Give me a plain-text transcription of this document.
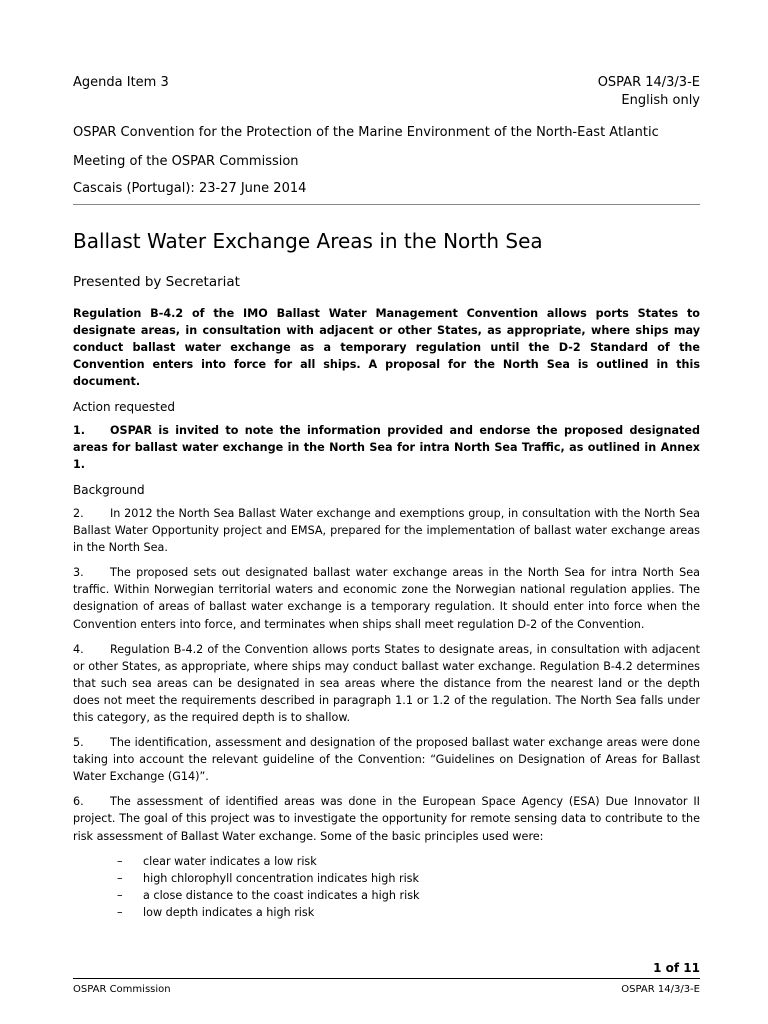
Agenda Item 3	OSPAR 14/3/3-E
English only
OSPAR Convention for the Protection of the Marine Environment of the North-East Atlantic
Meeting of the OSPAR Commission
Cascais (Portugal): 23-27 June 2014
Ballast Water Exchange Areas in the North Sea
Presented by Secretariat

Regulation B-4.2 of the IMO Ballast Water Management Convention allows ports States to designate areas, in consultation with adjacent or other States, as appropriate, where ships may conduct ballast water exchange as a temporary regulation until the D-2 Standard of the Convention enters into force for all ships. A proposal for the North Sea is outlined in this document.

Action requested

1. OSPAR is invited to note the information provided and endorse the proposed designated areas for ballast water exchange in the North Sea for intra North Sea Traffic, as outlined in Annex 1.

Background

2. In 2012 the North Sea Ballast Water exchange and exemptions group, in consultation with the North Sea Ballast Water Opportunity project and EMSA, prepared for the implementation of ballast water exchange areas in the North Sea.

3. The proposed sets out designated ballast water exchange areas in the North Sea for intra North Sea traffic. Within Norwegian territorial waters and economic zone the Norwegian national regulation applies. The designation of areas of ballast water exchange is a temporary regulation. It should enter into force when the Convention enters into force, and terminates when ships shall meet regulation D-2 of the Convention.

4. Regulation B-4.2 of the Convention allows ports States to designate areas, in consultation with adjacent or other States, as appropriate, where ships may conduct ballast water exchange. Regulation B-4.2 determines that such sea areas can be designated in sea areas where the distance from the nearest land or the depth does not meet the requirements described in paragraph 1.1 or 1.2 of the regulation. The North Sea falls under this category, as the required depth is to shallow.

5. The identification, assessment and designation of the proposed ballast water exchange areas were done taking into account the relevant guideline of the Convention: “Guidelines on Designation of Areas for Ballast Water Exchange (G14)”.

6. The assessment of identified areas was done in the European Space Agency (ESA) Due Innovator II project. The goal of this project was to investigate the opportunity for remote sensing data to contribute to the risk assessment of Ballast Water exchange. Some of the basic principles used were:

– clear water indicates a low risk
– high chlorophyll concentration indicates high risk
– a close distance to the coast indicates a high risk
– low depth indicates a high risk
1 of 11
OSPAR Commission	OSPAR 14/3/3-E
